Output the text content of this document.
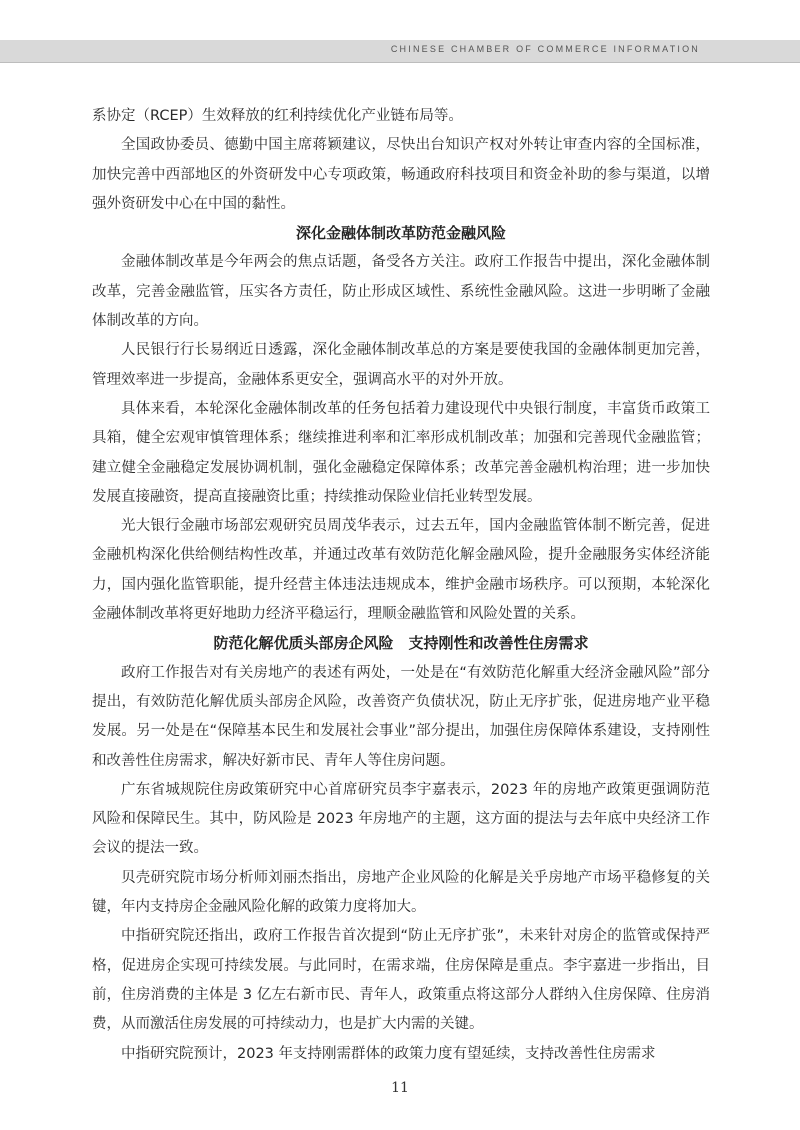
CHINESE CHAMBER OF COMMERCE INFORMATION

系协定（RCEP）生效释放的红利持续优化产业链布局等。

全国政协委员、德勤中国主席蒋颖建议，尽快出台知识产权对外转让审查内容的全国标准，加快完善中西部地区的外资研发中心专项政策，畅通政府科技项目和资金补助的参与渠道，以增强外资研发中心在中国的黏性。

深化金融体制改革防范金融风险

金融体制改革是今年两会的焦点话题，备受各方关注。政府工作报告中提出，深化金融体制改革，完善金融监管，压实各方责任，防止形成区域性、系统性金融风险。这进一步明晰了金融体制改革的方向。

人民银行行长易纲近日透露，深化金融体制改革总的方案是要使我国的金融体制更加完善，管理效率进一步提高，金融体系更安全，强调高水平的对外开放。

具体来看，本轮深化金融体制改革的任务包括着力建设现代中央银行制度，丰富货币政策工具箱，健全宏观审慎管理体系；继续推进利率和汇率形成机制改革；加强和完善现代金融监管；建立健全金融稳定发展协调机制，强化金融稳定保障体系；改革完善金融机构治理；进一步加快发展直接融资，提高直接融资比重；持续推动保险业信托业转型发展。

光大银行金融市场部宏观研究员周茂华表示，过去五年，国内金融监管体制不断完善，促进金融机构深化供给侧结构性改革，并通过改革有效防范化解金融风险，提升金融服务实体经济能力，国内强化监管职能，提升经营主体违法违规成本，维护金融市场秩序。可以预期，本轮深化金融体制改革将更好地助力经济平稳运行，理顺金融监管和风险处置的关系。

防范化解优质头部房企风险　支持刚性和改善性住房需求

政府工作报告对有关房地产的表述有两处，一处是在“有效防范化解重大经济金融风险”部分提出，有效防范化解优质头部房企风险，改善资产负债状况，防止无序扩张，促进房地产业平稳发展。另一处是在“保障基本民生和发展社会事业”部分提出，加强住房保障体系建设，支持刚性和改善性住房需求，解决好新市民、青年人等住房问题。

广东省城规院住房政策研究中心首席研究员李宇嘉表示，2023 年的房地产政策更强调防范风险和保障民生。其中，防风险是 2023 年房地产的主题，这方面的提法与去年底中央经济工作会议的提法一致。

贝壳研究院市场分析师刘丽杰指出，房地产企业风险的化解是关乎房地产市场平稳修复的关键，年内支持房企金融风险化解的政策力度将加大。

中指研究院还指出，政府工作报告首次提到“防止无序扩张”，未来针对房企的监管或保持严格，促进房企实现可持续发展。与此同时，在需求端，住房保障是重点。李宇嘉进一步指出，目前，住房消费的主体是 3 亿左右新市民、青年人，政策重点将这部分人群纳入住房保障、住房消费，从而激活住房发展的可持续动力，也是扩大内需的关键。

中指研究院预计，2023 年支持刚需群体的政策力度有望延续，支持改善性住房需求

11
